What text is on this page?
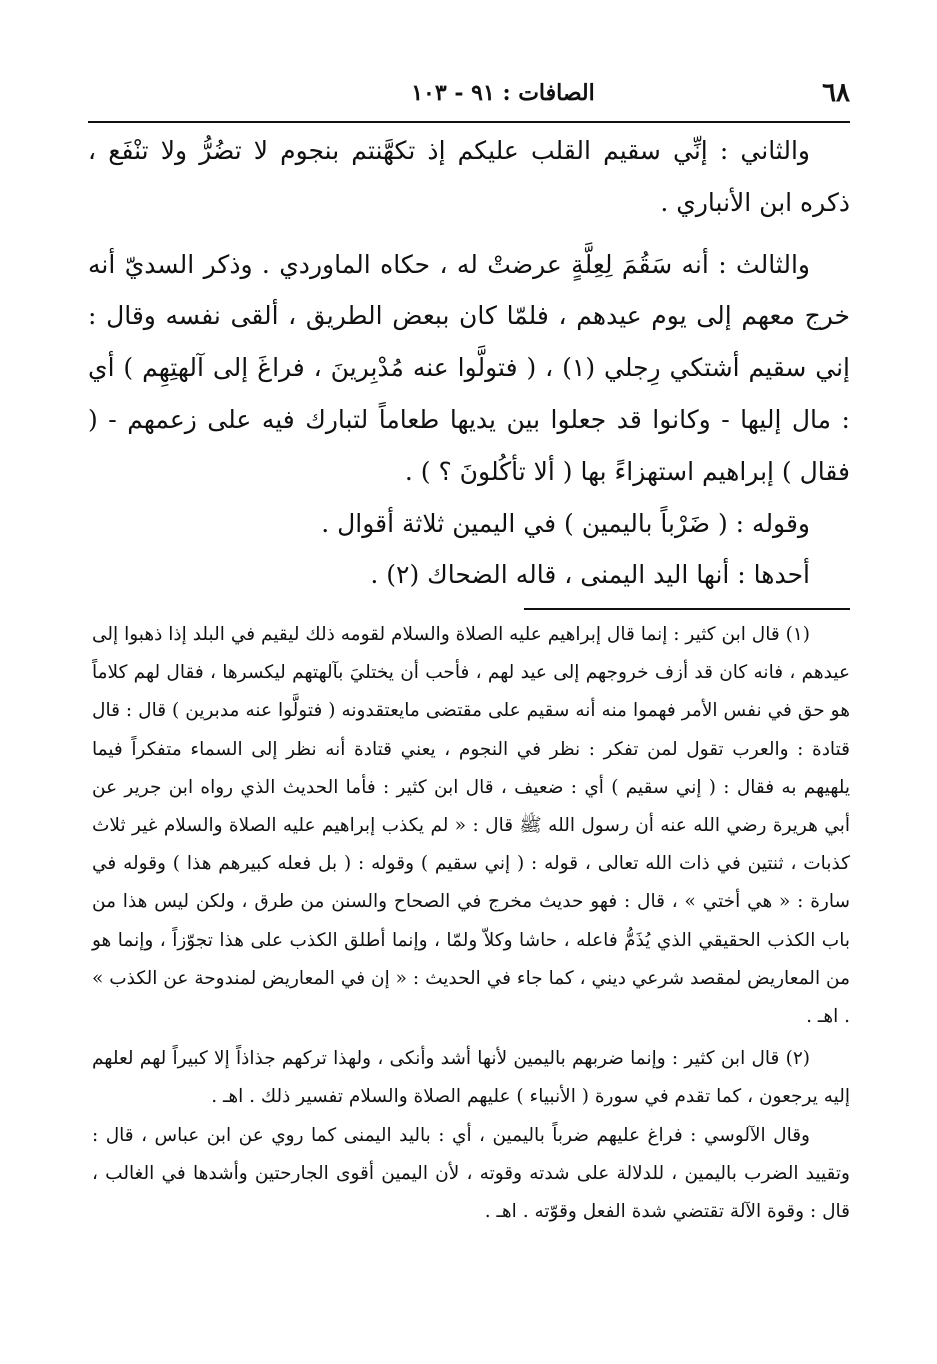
٦٨
الصافات : ٩١ - ١٠٣

والثاني : إنِّي سقيم القلب عليكم إذ تكهَّنتم بنجوم لا تضُرُّ ولا تنْفَع ، ذكره ابن الأنباري .

والثالث : أنه سَقُمَ لِعِلَّةٍ عرضتْ له ، حكاه الماوردي . وذكر السديّ أنه خرج معهم إلى يوم عيدهم ، فلمّا كان ببعض الطريق ، ألقى نفسه وقال : إني سقيم أشتكي رِجلي (١) ، ( فتولَّوا عنه مُدْبِرينَ ، فراغَ إلى آلهتِهِم ) أي : مال إليها - وكانوا قد جعلوا بين يديها طعاماً لتبارك فيه على زعمهم - ( فقال ) إبراهيم استهزاءً بها ( ألا تأكُلونَ ؟ ) .

وقوله : ( ضَرْباً باليمين ) في اليمين ثلاثة أقوال .

أحدها : أنها اليد اليمنى ، قاله الضحاك (٢) .

(١) قال ابن كثير : إنما قال إبراهيم عليه الصلاة والسلام لقومه ذلك ليقيم في البلد إذا ذهبوا إلى عيدهم ، فانه كان قد أزف خروجهم إلى عيد لهم ، فأحب أن يختليَ بآلهتهم ليكسرها ، فقال لهم كلاماً هو حق في نفس الأمر فهموا منه أنه سقيم على مقتضى مايعتقدونه ( فتولَّوا عنه مدبرين ) قال : قال قتادة : والعرب تقول لمن تفكر : نظر في النجوم ، يعني قتادة أنه نظر إلى السماء متفكراً فيما يلهيهم به فقال : ( إني سقيم ) أي : ضعيف ، قال ابن كثير : فأما الحديث الذي رواه ابن جرير عن أبي هريرة رضي الله عنه أن رسول الله ﷺ قال : « لم يكذب إبراهيم عليه الصلاة والسلام غير ثلاث كذبات ، ثنتين في ذات الله تعالى ، قوله : ( إني سقيم ) وقوله : ( بل فعله كبيرهم هذا ) وقوله في سارة : « هي أختي » ، قال : فهو حديث مخرج في الصحاح والسنن من طرق ، ولكن ليس هذا من باب الكذب الحقيقي الذي يُذَمُّ فاعله ، حاشا وكلاّ ولمّا ، وإنما أطلق الكذب على هذا تجوّزاً ، وإنما هو من المعاريض لمقصد شرعي ديني ، كما جاء في الحديث : « إن في المعاريض لمندوحة عن الكذب » . اهـ .

(٢) قال ابن كثير : وإنما ضربهم باليمين لأنها أشد وأنكى ، ولهذا تركهم جذاذاً إلا كبيراً لهم لعلهم إليه يرجعون ، كما تقدم في سورة ( الأنبياء ) عليهم الصلاة والسلام تفسير ذلك . اهـ .

وقال الآلوسي : فراغ عليهم ضرباً باليمين ، أي : باليد اليمنى كما روي عن ابن عباس ، قال : وتقييد الضرب باليمين ، للدلالة على شدته وقوته ، لأن اليمين أقوى الجارحتين وأشدها في الغالب ، قال : وقوة الآلة تقتضي شدة الفعل وقوّته . اهـ .
